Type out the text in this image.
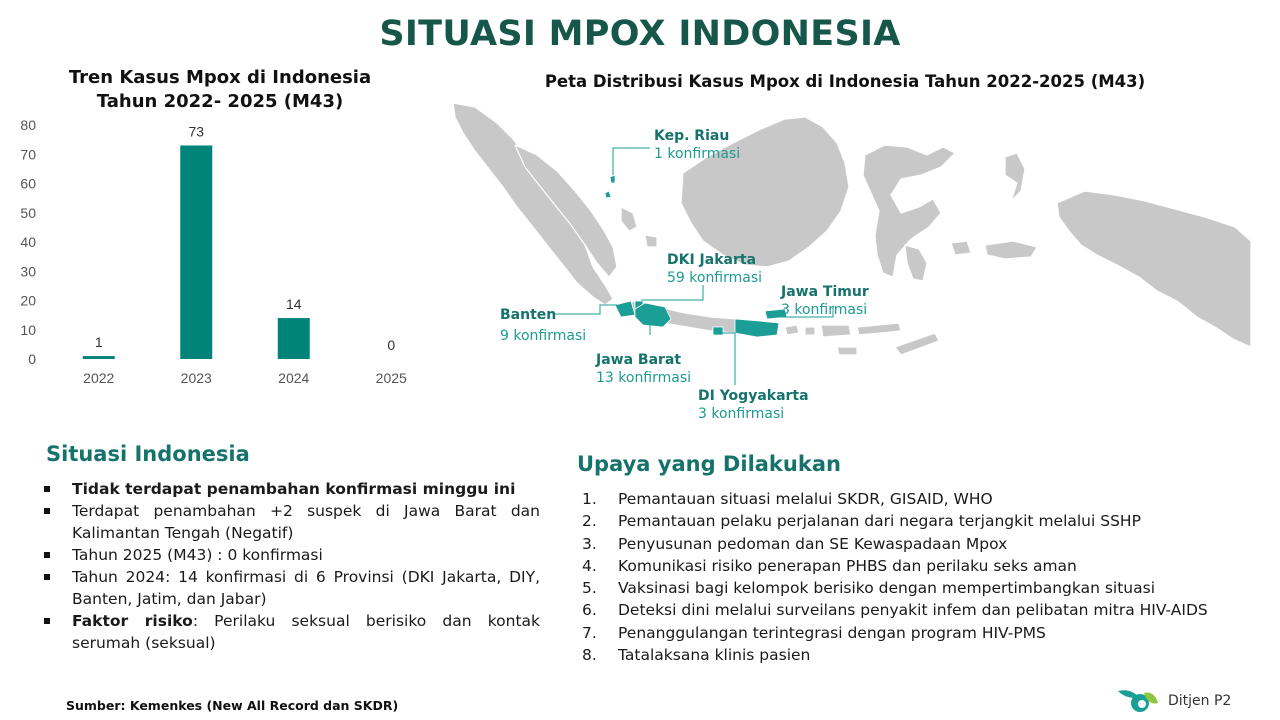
SITUASI MPOX INDONESIA
Tren Kasus Mpox di Indonesia
Tahun 2022- 2025 (M43)
0
10
20
30
40
50
60
70
80
1
2022
73
2023
14
2024
0
2025
Peta Distribusi Kasus Mpox di Indonesia Tahun 2022-2025 (M43)
Kep. Riau
1 konfirmasi
DKI Jakarta
59 konfirmasi
Jawa Timur
3 konfirmasi
Banten
9 konfirmasi
Jawa Barat
13 konfirmasi
DI Yogyakarta
3 konfirmasi
Situasi Indonesia
Tidak terdapat penambahan konfirmasi minggu ini
Terdapat penambahan +2 suspek di Jawa Barat dan Kalimantan Tengah (Negatif)
Tahun 2025 (M43) : 0 konfirmasi
Tahun 2024: 14 konfirmasi di 6 Provinsi (DKI Jakarta, DIY, Banten, Jatim, dan Jabar)
Faktor risiko: Perilaku seksual berisiko dan kontak serumah (seksual)
Upaya yang Dilakukan
1.	Pemantauan situasi melalui SKDR, GISAID, WHO
2.	Pemantauan pelaku perjalanan dari negara terjangkit melalui SSHP
3.	Penyusunan pedoman dan SE Kewaspadaan Mpox
4.	Komunikasi risiko penerapan PHBS dan perilaku seks aman
5.	Vaksinasi bagi kelompok berisiko dengan mempertimbangkan situasi
6.	Deteksi dini melalui surveilans penyakit infem dan pelibatan mitra HIV-AIDS
7.	Penanggulangan terintegrasi dengan program HIV-PMS
8.	Tatalaksana klinis pasien
Sumber: Kemenkes (New All Record dan SKDR)	Ditjen P2
